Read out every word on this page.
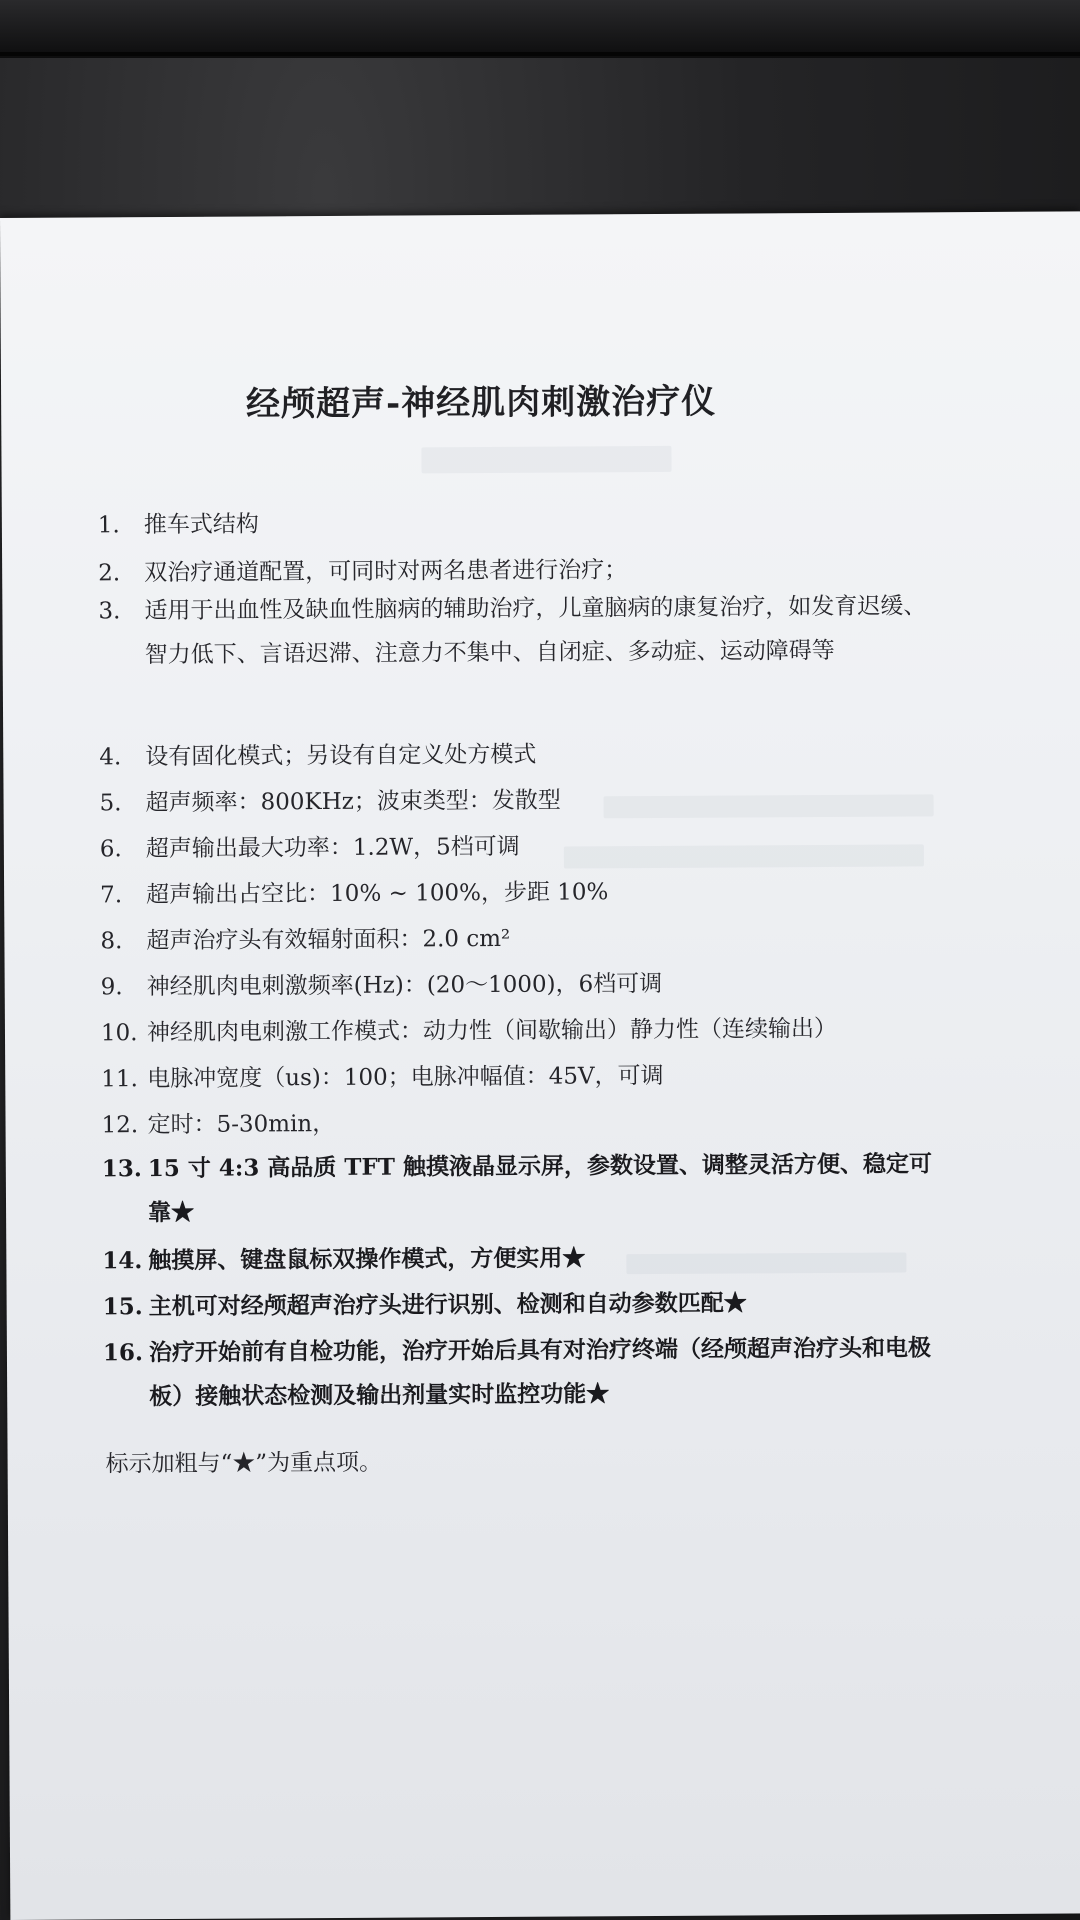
经颅超声-神经肌肉刺激治疗仪
1. 推车式结构
2. 双治疗通道配置，可同时对两名患者进行治疗；
3. 适用于出血性及缺血性脑病的辅助治疗，儿童脑病的康复治疗，如发育迟缓、智力低下、言语迟滞、注意力不集中、自闭症、多动症、运动障碍等
4. 设有固化模式；另设有自定义处方模式
5. 超声频率：800KHz；波束类型：发散型
6. 超声输出最大功率：1.2W，5档可调
7. 超声输出占空比：10% ~ 100%，步距 10%
8. 超声治疗头有效辐射面积：2.0 cm²
9. 神经肌肉电刺激频率(Hz)：(20～1000)，6档可调
10. 神经肌肉电刺激工作模式：动力性（间歇输出）静力性（连续输出）
11. 电脉冲宽度（us)：100；电脉冲幅值：45V，可调
12. 定时：5-30min，
13. 15 寸 4:3 高品质 TFT 触摸液晶显示屏，参数设置、调整灵活方便、稳定可靠★
14. 触摸屏、键盘鼠标双操作模式，方便实用★
15. 主机可对经颅超声治疗头进行识别、检测和自动参数匹配★
16. 治疗开始前有自检功能，治疗开始后具有对治疗终端（经颅超声治疗头和电极板）接触状态检测及输出剂量实时监控功能★
标示加粗与“★”为重点项。
